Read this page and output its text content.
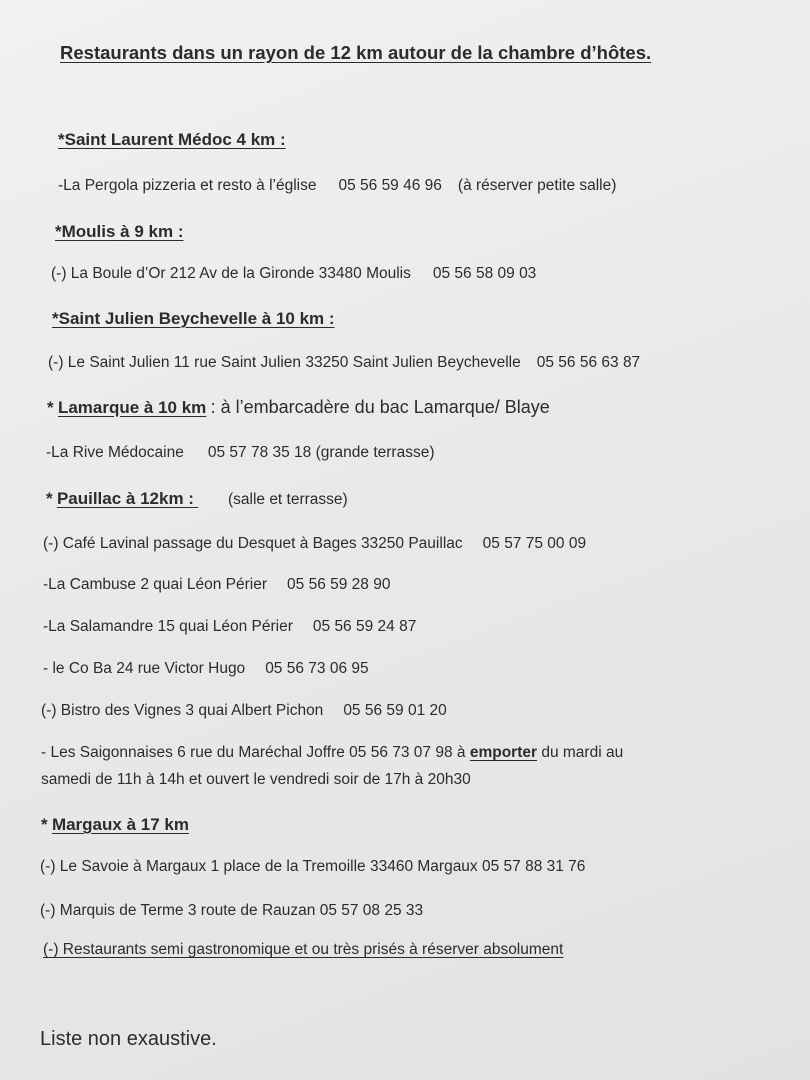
Restaurants dans un rayon de 12 km autour de la chambre d’hôtes.
*Saint Laurent Médoc 4 km :
-La Pergola pizzeria et resto à l’église 05 56 59 46 96 (à réserver petite salle)
*Moulis à 9 km :
(-) La Boule d’Or 212 Av de la Gironde 33480 Moulis 05 56 58 09 03
*Saint Julien Beychevelle à 10 km :
(-) Le Saint Julien 11 rue Saint Julien 33250 Saint Julien Beychevelle 05 56 56 63 87
* Lamarque à 10 km : à l’embarcadère du bac Lamarque/ Blaye
-La Rive Médocaine 05 57 78 35 18 (grande terrasse)
* Pauillac à 12km : (salle et terrasse)
(-) Café Lavinal passage du Desquet à Bages 33250 Pauillac 05 57 75 00 09
-La Cambuse 2 quai Léon Périer 05 56 59 28 90
-La Salamandre 15 quai Léon Périer 05 56 59 24 87
- le Co Ba 24 rue Victor Hugo 05 56 73 06 95
(-) Bistro des Vignes 3 quai Albert Pichon 05 56 59 01 20
- Les Saigonnaises 6 rue du Maréchal Joffre 05 56 73 07 98 à emporter du mardi au
samedi de 11h à 14h et ouvert le vendredi soir de 17h à 20h30
* Margaux à 17 km
(-) Le Savoie à Margaux 1 place de la Tremoille 33460 Margaux 05 57 88 31 76
(-) Marquis de Terme 3 route de Rauzan 05 57 08 25 33
(-) Restaurants semi gastronomique et ou très prisés à réserver absolument
Liste non exaustive.
